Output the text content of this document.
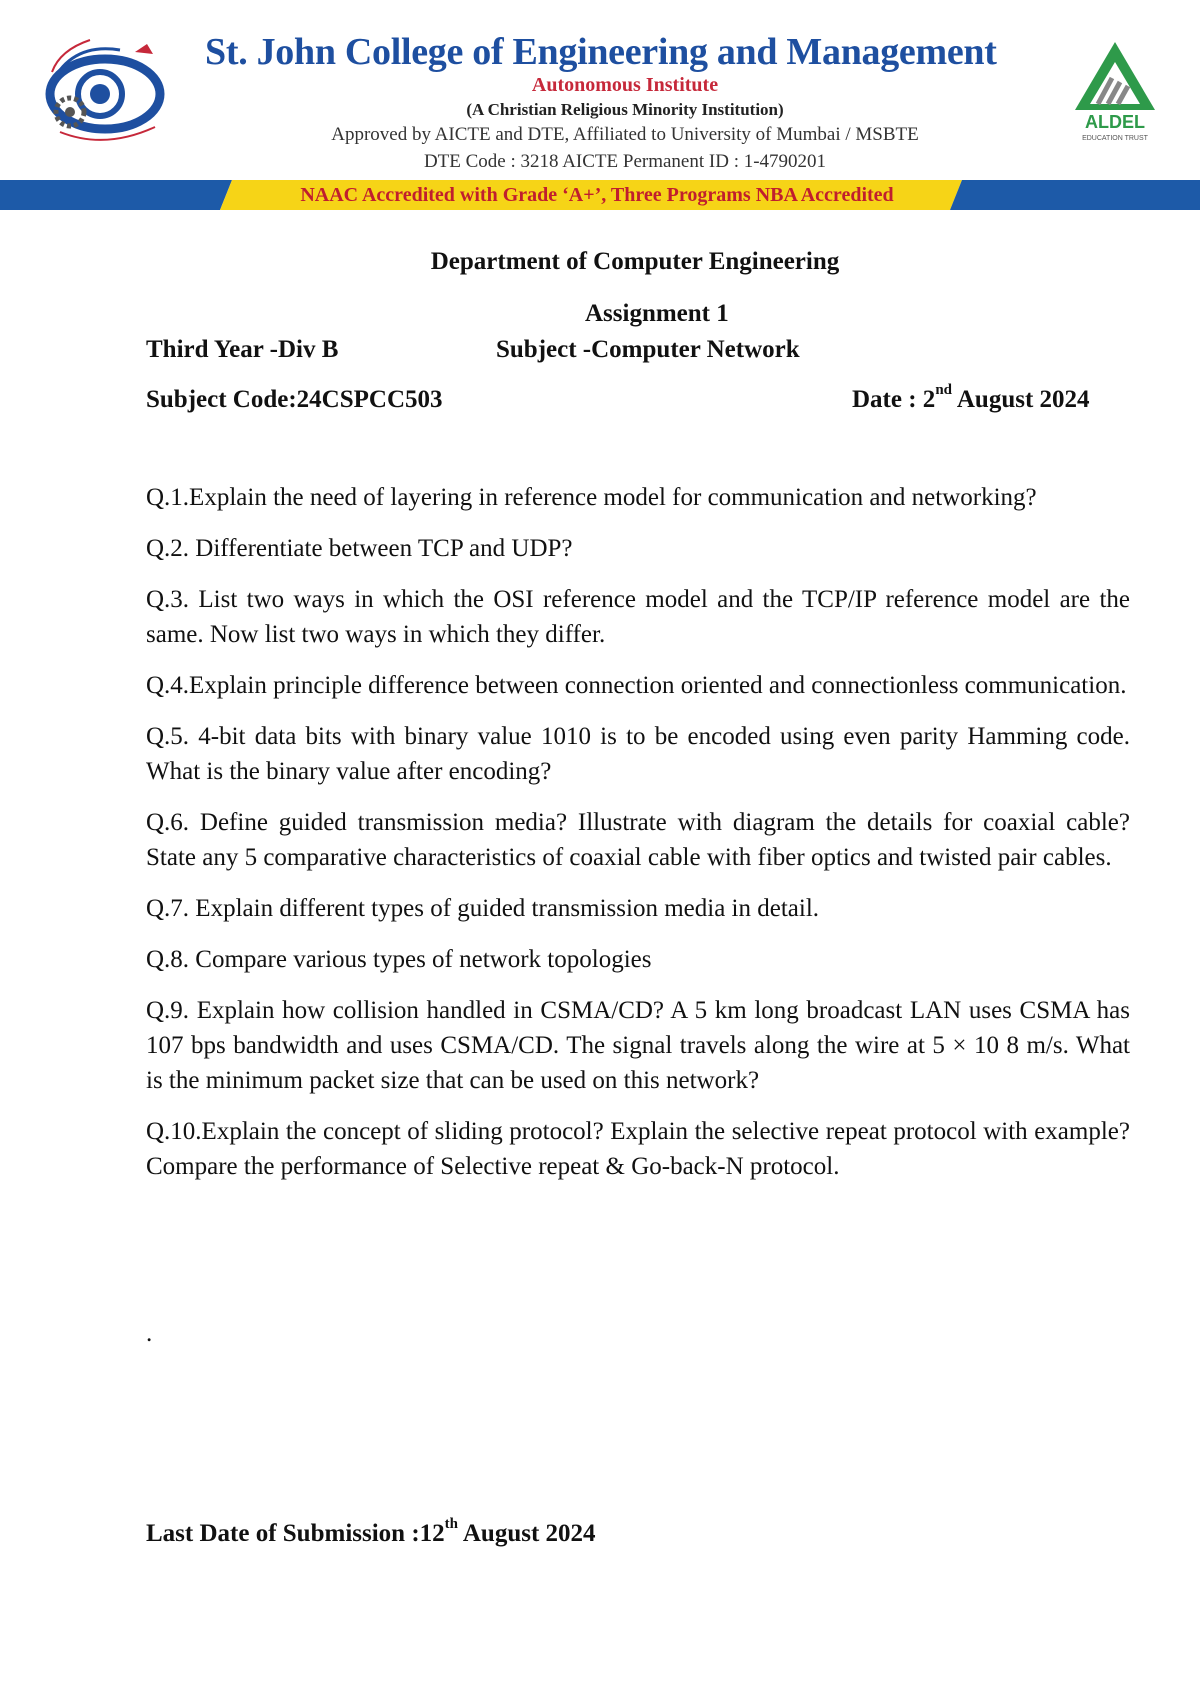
St. John College of Engineering and Management
Autonomous Institute
(A Christian Religious Minority Institution)
Approved by AICTE and DTE, Affiliated to University of Mumbai / MSBTE
DTE Code : 3218 AICTE Permanent ID : 1-4790201
ALDEL
EDUCATION TRUST
NAAC Accredited with Grade ‘A+’, Three Programs NBA Accredited
Department of Computer Engineering
Assignment 1
Third Year -Div B	Subject -Computer Network
Subject Code:24CSPCC503	Date : 2nd August 2024

Q.1.Explain the need of layering in reference model for communication and networking?

Q.2. Differentiate between TCP and UDP?

Q.3. List two ways in which the OSI reference model and the TCP/IP reference model are the same. Now list two ways in which they differ.

Q.4.Explain principle difference between connection oriented and connectionless communication.

Q.5. 4-bit data bits with binary value 1010 is to be encoded using even parity Hamming code. What is the binary value after encoding?

Q.6. Define guided transmission media? Illustrate with diagram the details for coaxial cable? State any 5 comparative characteristics of coaxial cable with fiber optics and twisted pair cables.

Q.7. Explain different types of guided transmission media in detail.

Q.8. Compare various types of network topologies

Q.9. Explain how collision handled in CSMA/CD? A 5 km long broadcast LAN uses CSMA has 107 bps bandwidth and uses CSMA/CD. The signal travels along the wire at 5 × 10 8 m/s. What is the minimum packet size that can be used on this network?

Q.10.Explain the concept of sliding protocol? Explain the selective repeat protocol with example? Compare the performance of Selective repeat & Go-back-N protocol.

.
Last Date of Submission :12th August 2024
